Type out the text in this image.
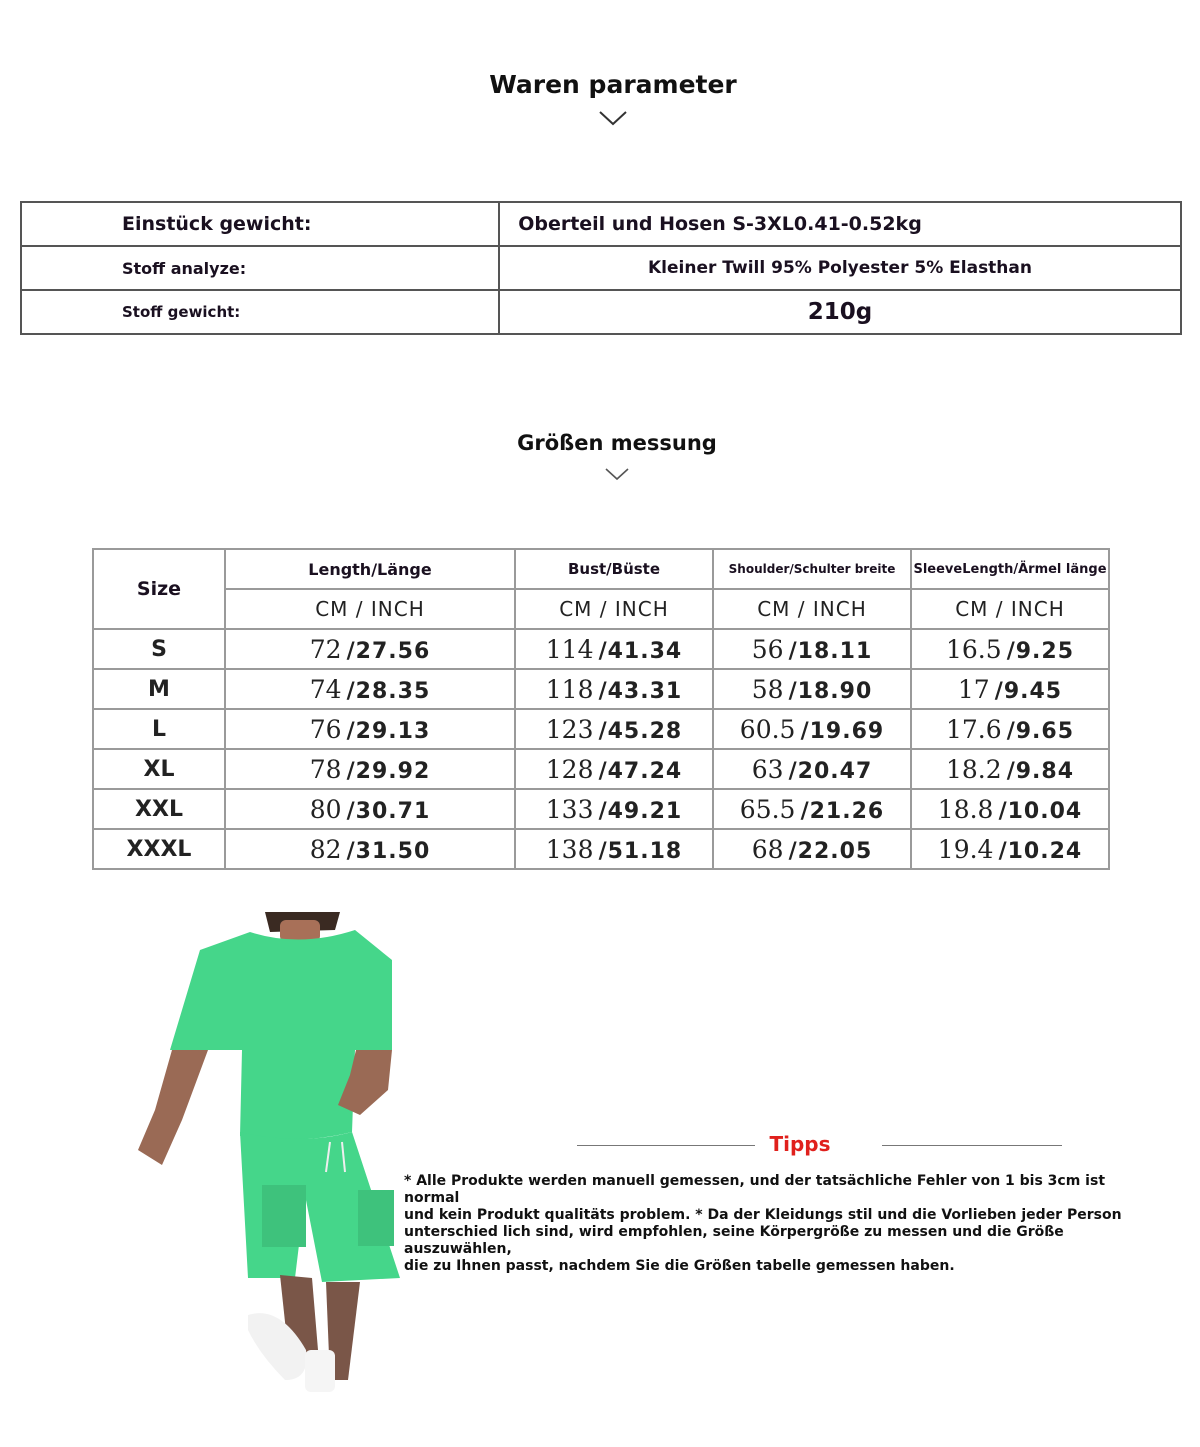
Waren parameter
Einstück gewicht:	Oberteil und Hosen S-3XL0.41-0.52kg
Stoff analyze:	Kleiner Twill 95% Polyester 5% Elasthan
Stoff gewicht:	210g
Größen messung
Size	Length/Länge	Bust/Büste	Shoulder/Schulter breite	SleeveLength/Ärmel länge
	CM / INCH	CM / INCH	CM / INCH	CM / INCH
S	72 /27.56	114 /41.34	56 /18.11	16.5 /9.25
M	74 /28.35	118 /43.31	58 /18.90	17 /9.45
L	76 /29.13	123 /45.28	60.5 /19.69	17.6 /9.65
XL	78 /29.92	128 /47.24	63 /20.47	18.2 /9.84
XXL	80 /30.71	133 /49.21	65.5 /21.26	18.8 /10.04
XXXL	82 /31.50	138 /51.18	68 /22.05	19.4 /10.24
Tipps
* Alle Produkte werden manuell gemessen, und der tatsächliche Fehler von 1 bis 3cm ist normal
und kein Produkt qualitäts problem. * Da der Kleidungs stil und die Vorlieben jeder Person
unterschied lich sind, wird empfohlen, seine Körpergröße zu messen und die Größe auszuwählen,
die zu Ihnen passt, nachdem Sie die Größen tabelle gemessen haben.
